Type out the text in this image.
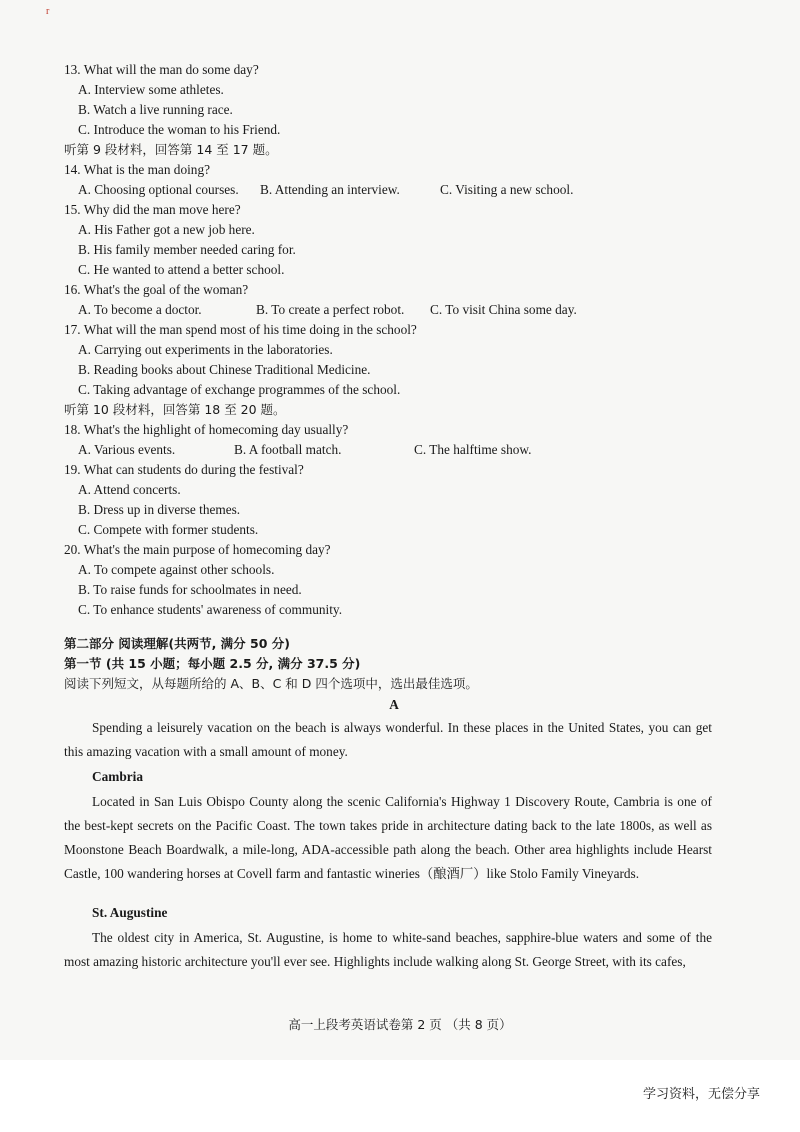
r
13. What will the man do some day?
A. Interview some athletes.
B. Watch a live running race.
C. Introduce the woman to his Friend.
听第 9 段材料，回答第 14 至 17 题。
14. What is the man doing?
A. Choosing optional courses.	B. Attending an interview.	C. Visiting a new school.
15. Why did the man move here?
A. His Father got a new job here.
B. His family member needed caring for.
C. He wanted to attend a better school.
16. What's the goal of the woman?
A. To become a doctor.	B. To create a perfect robot.	C. To visit China some day.
17. What will the man spend most of his time doing in the school?
A. Carrying out experiments in the laboratories.
B. Reading books about Chinese Traditional Medicine.
C. Taking advantage of exchange programmes of the school.
听第 10 段材料，回答第 18 至 20 题。
18. What's the highlight of homecoming day usually?
A. Various events.	B. A football match.	C. The halftime show.
19. What can students do during the festival?
A. Attend concerts.
B. Dress up in diverse themes.
C. Compete with former students.
20. What's the main purpose of homecoming day?
A. To compete against other schools.
B. To raise funds for schoolmates in need.
C. To enhance students' awareness of community.
第二部分 阅读理解(共两节, 满分 50 分)
第一节 (共 15 小题；每小题 2.5 分, 满分 37.5 分)
阅读下列短文，从每题所给的 A、B、C 和 D 四个选项中，选出最佳选项。
A
Spending a leisurely vacation on the beach is always wonderful. In these places in the United States, you can get this amazing vacation with a small amount of money.
Cambria
Located in San Luis Obispo County along the scenic California's Highway 1 Discovery Route, Cambria is one of the best-kept secrets on the Pacific Coast. The town takes pride in architecture dating back to the late 1800s, as well as Moonstone Beach Boardwalk, a mile-long, ADA-accessible path along the beach. Other area highlights include Hearst Castle, 100 wandering horses at Covell farm and fantastic wineries（酿酒厂）like Stolo Family Vineyards.
St. Augustine
The oldest city in America, St. Augustine, is home to white-sand beaches, sapphire-blue waters and some of the most amazing historic architecture you'll ever see. Highlights include walking along St. George Street, with its cafes,
高一上段考英语试卷第 2 页 （共 8 页）
学习资料，无偿分享
